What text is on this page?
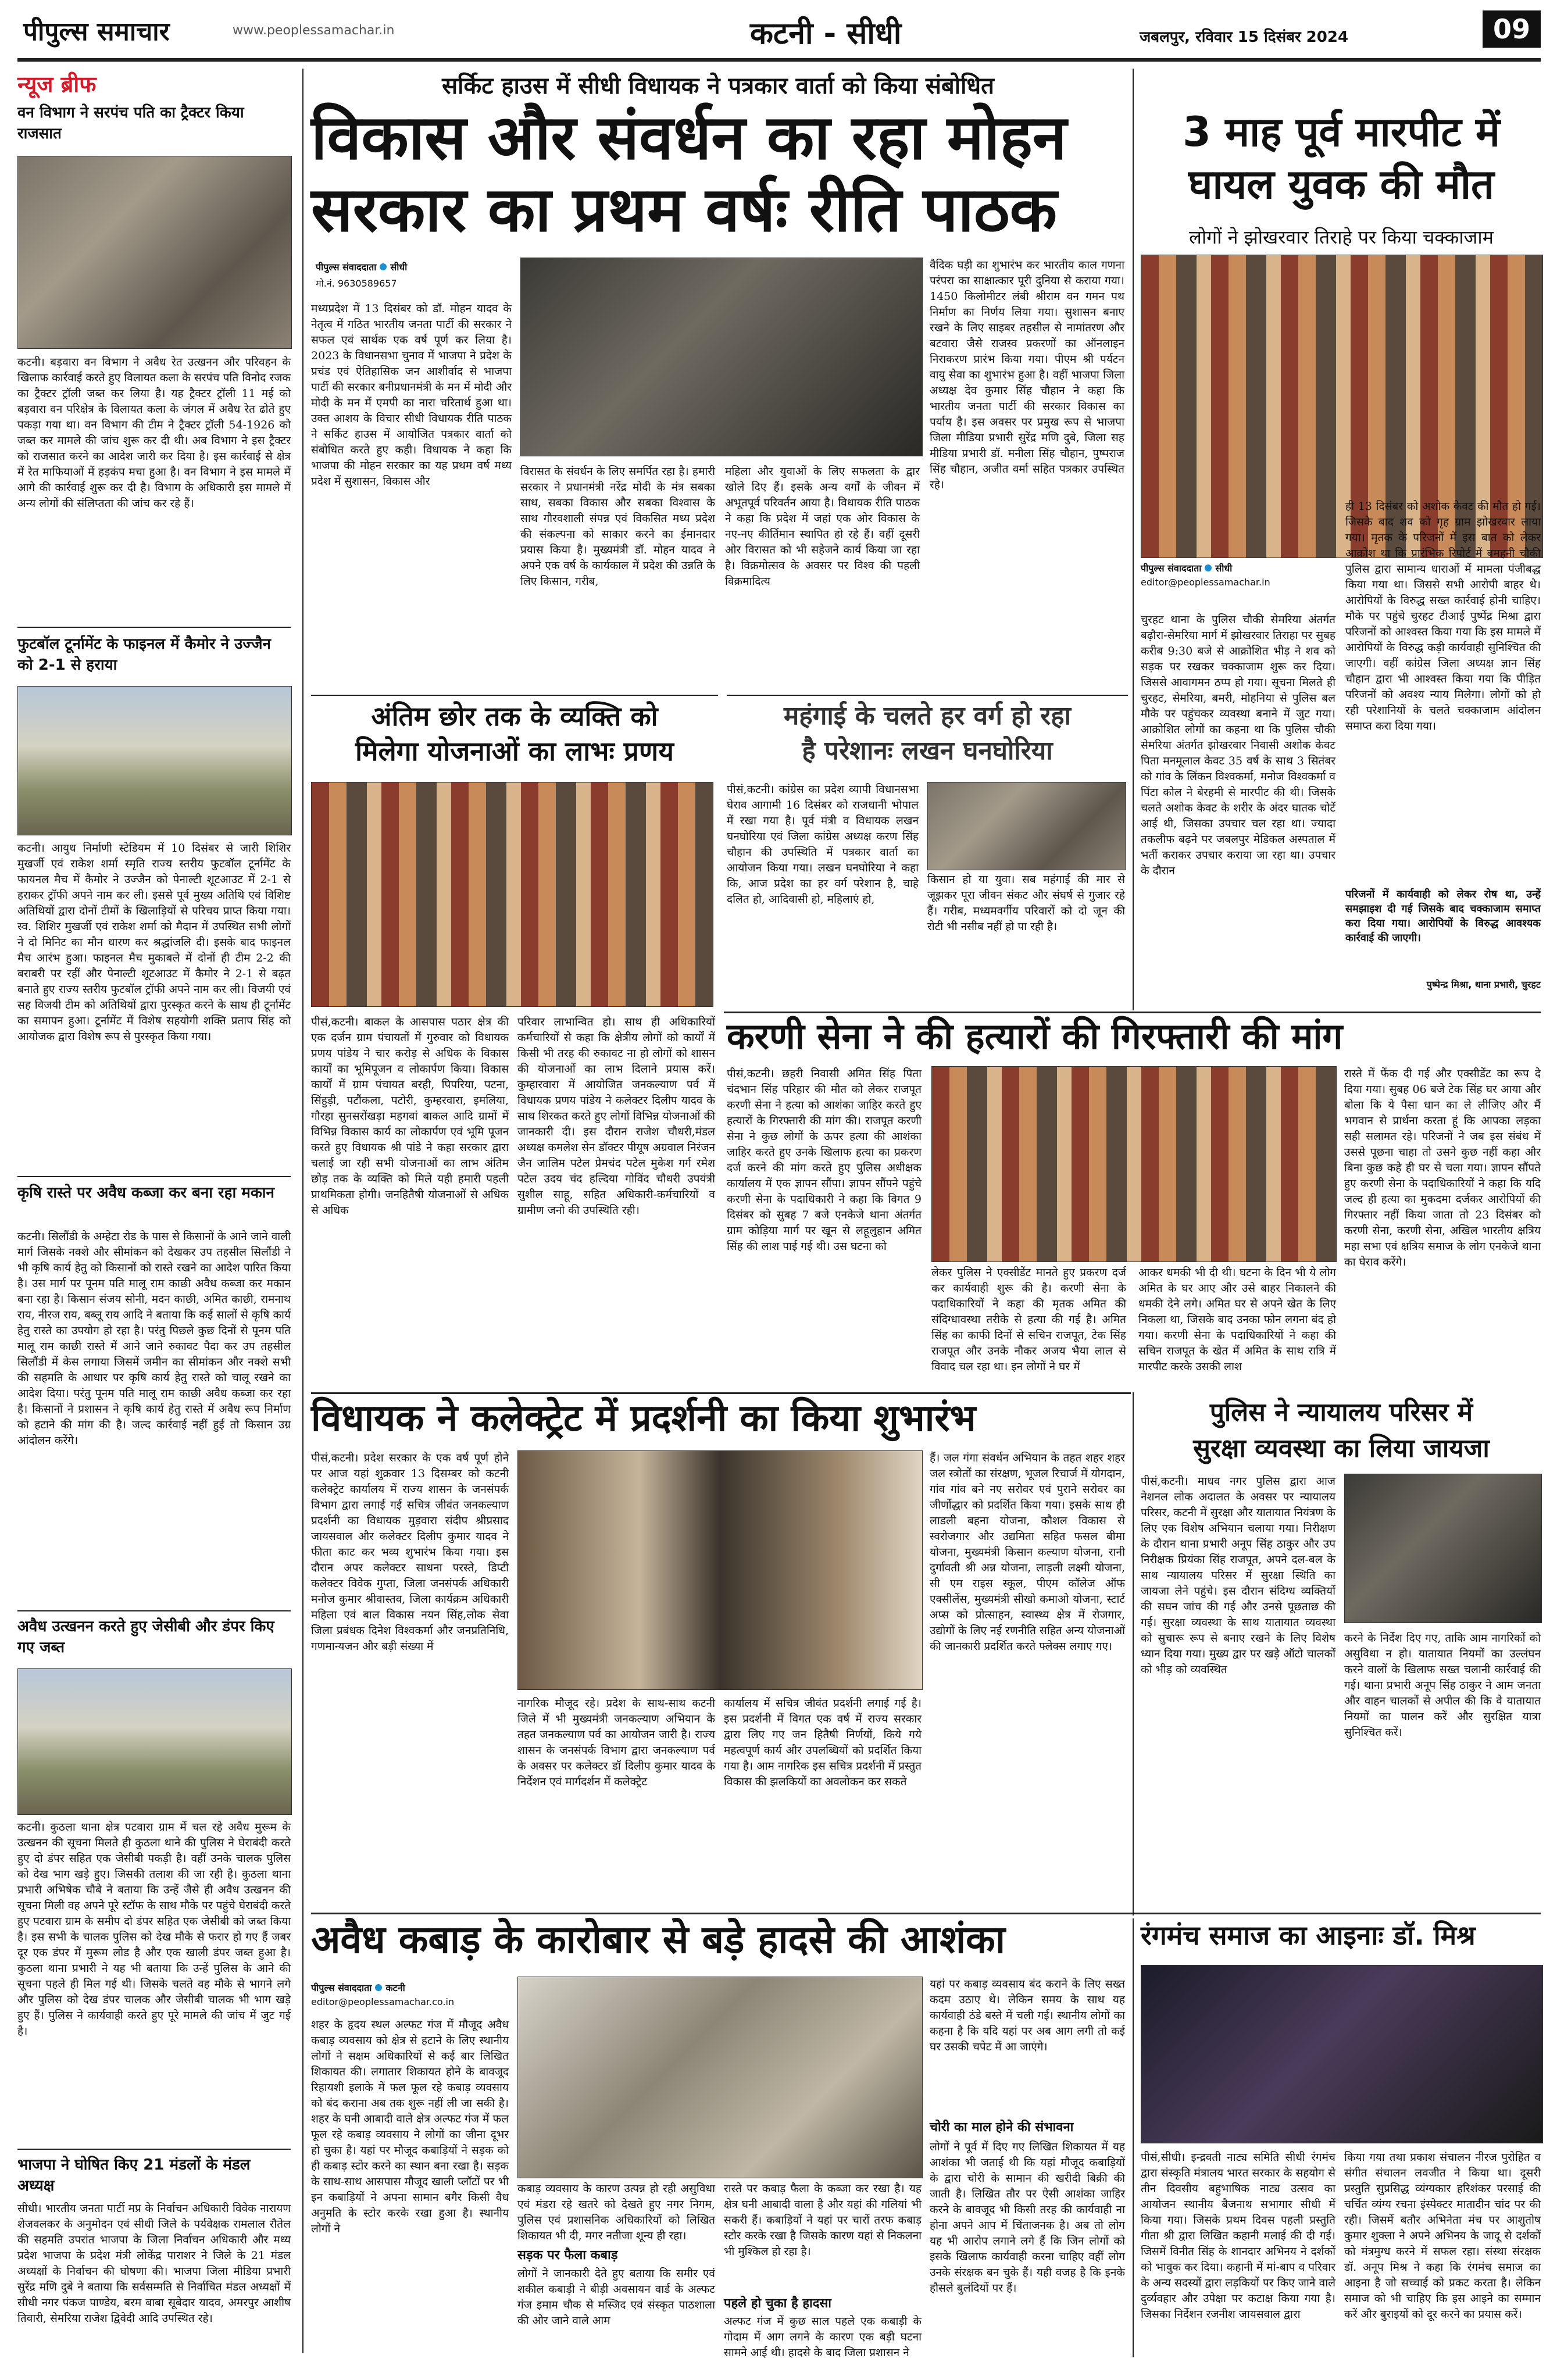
पीपुल्स समाचार	www.peoplessamachar.in	कटनी - सीधी	जबलपुर, रविवार 15 दिसंबर 2024	09
न्यूज ब्रीफ
वन विभाग ने सरपंच पति का ट्रैक्टर किया राजसात
कटनी। बड़वारा वन विभाग ने अवैध रेत उत्खनन और परिवहन के खिलाफ कार्रवाई करते हुए विलायत कला के सरपंच पति विनोद रजक का ट्रैक्टर ट्रॉली जब्त कर लिया है। यह ट्रैक्टर ट्रॉली 11 मई को बड़वारा वन परिक्षेत्र के विलायत कला के जंगल में अवैध रेत ढोते हुए पकड़ा गया था। वन विभाग की टीम ने ट्रैक्टर ट्रॉली 54-1926 को जब्त कर मामले की जांच शुरू कर दी थी। अब विभाग ने इस ट्रैक्टर को राजसात करने का आदेश जारी कर दिया है। इस कार्रवाई से क्षेत्र में रेत माफियाओं में हड़कंप मचा हुआ है। वन विभाग ने इस मामले में आगे की कार्रवाई शुरू कर दी है। विभाग के अधिकारी इस मामले में अन्य लोगों की संलिप्तता की जांच कर रहे हैं।
फुटबॉल टूर्नामेंट के फाइनल में कैमोर ने उज्जैन को 2-1 से हराया
कटनी। आयुध निर्माणी स्टेडियम में 10 दिसंबर से जारी शिशिर मुखर्जी एवं राकेश शर्मा स्मृति राज्य स्तरीय फुटबॉल टूर्नामेंट के फायनल मैच में कैमोर ने उज्जैन को पेनाल्टी शूटआउट में 2-1 से हराकर ट्रॉफी अपने नाम कर ली। इससे पूर्व मुख्य अतिथि एवं विशिष्ट अतिथियों द्वारा दोनों टीमों के खिलाड़ियों से परिचय प्राप्त किया गया। स्व. शिशिर मुखर्जी एवं राकेश शर्मा को मैदान में उपस्थित सभी लोगों ने दो मिनिट का मौन धारण कर श्रद्धांजलि दी। इसके बाद फाइनल मैच आरंभ हुआ। फाइनल मैच मुकाबले में दोनों ही टीम 2-2 की बराबरी पर रहीं और पेनाल्टी शूटआउट में कैमोर ने 2-1 से बढ़त बनाते हुए राज्य स्तरीय फुटबॉल ट्रॉफी अपने नाम कर ली। विजयी एवं सह विजयी टीम को अतिथियों द्वारा पुरस्कृत करने के साथ ही टूर्नामेंट का समापन हुआ। टूर्नामेंट में विशेष सहयोगी शक्ति प्रताप सिंह को आयोजक द्वारा विशेष रूप से पुरस्कृत किया गया।
कृषि रास्ते पर अवैध कब्जा कर बना रहा मकान
कटनी। सिलौंडी के अम्हेटा रोड के पास से किसानों के आने जाने वाली मार्ग जिसके नक्शे और सीमांकन को देखकर उप तहसील सिलौंडी ने भी कृषि कार्य हेतु को किसानों को रास्ते रखने का आदेश पारित किया है। उस मार्ग पर पूनम पति मालू राम काछी अवैध कब्जा कर मकान बना रहा है। किसान संजय सोनी, मदन काछी, अमित काछी, रामनाथ राय, नीरज राय, बब्लू राय आदि ने बताया कि कई सालों से कृषि कार्य हेतु रास्ते का उपयोग हो रहा है। परंतु पिछले कुछ दिनों से पूनम पति मालू राम काछी रास्ते में आने जाने रुकावट पैदा कर उप तहसील सिलौंडी में केस लगाया जिसमें जमीन का सीमांकन और नक्शे सभी की सहमति के आधार पर कृषि कार्य हेतु रास्ते को चालू रखने का आदेश दिया। परंतु पूनम पति मालू राम काछी अवैध कब्जा कर रहा है। किसानों ने प्रशासन ने कृषि कार्य हेतु रास्ते में अवैध रूप निर्माण को हटाने की मांग की है। जल्द कार्रवाई नहीं हुई तो किसान उग्र आंदोलन करेंगे।
अवैध उत्खनन करते हुए जेसीबी और डंपर किए गए जब्त
कटनी। कुठला थाना क्षेत्र पटवारा ग्राम में चल रहे अवैध मुरूम के उत्खनन की सूचना मिलते ही कुठला थाने की पुलिस ने घेराबंदी करते हुए दो डंपर सहित एक जेसीबी पकड़ी है। वहीं उनके चालक पुलिस को देख भाग खड़े हुए। जिसकी तलाश की जा रही है। कुठला थाना प्रभारी अभिषेक चौबे ने बताया कि उन्हें जैसे ही अवैध उत्खनन की सूचना मिली वह अपने पूरे स्टॉफ के साथ मौके पर पहुंचे घेराबंदी करते हुए पटवारा ग्राम के समीप दो डंपर सहित एक जेसीबी को जब्त किया है। इस सभी के चालक पुलिस को देख मौके से फरार हो गए हैं जबर दूर एक डंपर में मुरूम लोड है और एक खाली डंपर जब्त हुआ है। कुठला थाना प्रभारी ने यह भी बताया कि उन्हें पुलिस के आने की सूचना पहले ही मिल गई थी। जिसके चलते वह मौके से भागने लगे और पुलिस को देख डंपर चालक और जेसीबी चालक भी भाग खड़े हुए हैं। पुलिस ने कार्यवाही करते हुए पूरे मामले की जांच में जुट गई है।
भाजपा ने घोषित किए 21 मंडलों के मंडल अध्यक्ष
सीधी। भारतीय जनता पार्टी मप्र के निर्वाचन अधिकारी विवेक नारायण शेजवलकर के अनुमोदन एवं सीधी जिले के पर्यवेक्षक रामलाल रौतेल की सहमति उपरांत भाजपा के जिला निर्वाचन अधिकारी और मध्य प्रदेश भाजपा के प्रदेश मंत्री लोकेंद्र पाराशर ने जिले के 21 मंडल अध्यक्षों के निर्वाचन की घोषणा की। भाजपा जिला मीडिया प्रभारी सुरेंद्र मणि दुबे ने बताया कि सर्वसम्मति से निर्वाचित मंडल अध्यक्षों में सीधी नगर पंकज पाण्डेय, बरम बाबा सूबेदार यादव, अमरपुर आशीष तिवारी, सेमरिया राजेश द्विवेदी आदि उपस्थित रहे।
सर्किट हाउस में सीधी विधायक ने पत्रकार वार्ता को किया संबोधित
विकास और संवर्धन का रहा मोहन
सरकार का प्रथम वर्षः रीति पाठक
पीपुल्स संवाददाता सीधी
मो.नं. 9630589657
मध्यप्रदेश में 13 दिसंबर को डॉ. मोहन यादव के नेतृत्व में गठित भारतीय जनता पार्टी की सरकार ने सफल एवं सार्थक एक वर्ष पूर्ण कर लिया है। 2023 के विधानसभा चुनाव में भाजपा ने प्रदेश के प्रचंड एवं ऐतिहासिक जन आशीर्वाद से भाजपा पार्टी की सरकार बनीप्रधानमंत्री के मन में मोदी और मोदी के मन में एमपी का नारा चरितार्थ हुआ था। उक्त आशय के विचार सीधी विधायक रीति पाठक ने सर्किट हाउस में आयोजित पत्रकार वार्ता को संबोधित करते हुए कही। विधायक ने कहा कि भाजपा की मोहन सरकार का यह प्रथम वर्ष मध्य प्रदेश में सुशासन, विकास और
विरासत के संवर्धन के लिए समर्पित रहा है। हमारी सरकार ने प्रधानमंत्री नरेंद्र मोदी के मंत्र सबका साथ, सबका विकास और सबका विश्वास के साथ गौरवशाली संपन्न एवं विकसित मध्य प्रदेश की संकल्पना को साकार करने का ईमानदार प्रयास किया है। मुख्यमंत्री डॉ. मोहन यादव ने अपने एक वर्ष के कार्यकाल में प्रदेश की उन्नति के लिए किसान, गरीब,
महिला और युवाओं के लिए सफलता के द्वार खोले दिए हैं। इसके अन्य वर्गों के जीवन में अभूतपूर्व परिवर्तन आया है। विधायक रीति पाठक ने कहा कि प्रदेश में जहां एक ओर विकास के नए-नए कीर्तिमान स्थापित हो रहे हैं। वहीं दूसरी ओर विरासत को भी सहेजने कार्य किया जा रहा है। विक्रमोत्सव के अवसर पर विश्व की पहली विक्रमादित्य
वैदिक घड़ी का शुभारंभ कर भारतीय काल गणना परंपरा का साक्षात्कार पूरी दुनिया से कराया गया। 1450 किलोमीटर लंबी श्रीराम वन गमन पथ निर्माण का निर्णय लिया गया। सुशासन बनाए रखने के लिए साइबर तहसील से नामांतरण और बटवारा जैसे राजस्व प्रकरणों का ऑनलाइन निराकरण प्रारंभ किया गया। पीएम श्री पर्यटन वायु सेवा का शुभारंभ हुआ है। वहीं भाजपा जिला अध्यक्ष देव कुमार सिंह चौहान ने कहा कि भारतीय जनता पार्टी की सरकार विकास का पर्याय है। इस अवसर पर प्रमुख रूप से भाजपा जिला मीडिया प्रभारी सुरेंद्र मणि दुबे, जिला सह मीडिया प्रभारी डॉ. मनीला सिंह चौहान, पुष्पराज सिंह चौहान, अजीत वर्मा सहित पत्रकार उपस्थित रहे।
अंतिम छोर तक के व्यक्ति को
मिलेगा योजनाओं का लाभः प्रणय
पीसं,कटनी। बाकल के आसपास पठार क्षेत्र की एक दर्जन ग्राम पंचायतों में गुरुवार को विधायक प्रणय पांडेय ने चार करोड़ से अधिक के विकास कार्यों का भूमिपूजन व लोकार्पण किया। विकास कार्यों में ग्राम पंचायत बरही, पिपरिया, पटना, सिंहुड़ी, पटौंकला, पटोरी, कुम्हरवारा, इमलिया, गौरहा सुनसरोंखड़ा महगवां बाकल आदि ग्रामों में विभिन्न विकास कार्य का लोकार्पण एवं भूमि पूजन करते हुए विधायक श्री पांडे ने कहा सरकार द्वारा चलाई जा रही सभी योजनाओं का लाभ अंतिम छोड़ तक के व्यक्ति को मिले यही हमारी पहली प्राथमिकता होगी। जनहितैषी योजनाओं से अधिक से अधिक
परिवार लाभान्वित हो। साथ ही अधिकारियों कर्मचारियों से कहा कि क्षेत्रीय लोगों को कार्यों में किसी भी तरह की रुकावट ना हो लोगों को शासन की योजनाओं का लाभ दिलाने प्रयास करें। कुम्हारवारा में आयोजित जनकल्याण पर्व में विधायक प्रणय पांडेय ने कलेक्टर दिलीप यादव के साथ शिरकत करते हुए लोगों विभिन्न योजनाओं की जानकारी दी। इस दौरान राजेश चौधरी,मंडल अध्यक्ष कमलेश सेन डॉक्टर पीयूष अग्रवाल निरंजन जैन जालिम पटेल प्रेमचंद पटेल मुकेश गर्ग रमेश पटेल उदय चंद हल्दिया गोविंद चौधरी उपयंत्री सुशील साहू, सहित अधिकारी-कर्मचारियों व ग्रामीण जनो की उपस्थिति रही।
महंगाई के चलते हर वर्ग हो रहा
है परेशानः लखन घनघोरिया
पीसं,कटनी। कांग्रेस का प्रदेश व्यापी विधानसभा घेराव आगामी 16 दिसंबर को राजधानी भोपाल में रखा गया है। पूर्व मंत्री व विधायक लखन घनघोरिया एवं जिला कांग्रेस अध्यक्ष करण सिंह चौहान की उपस्थिति में पत्रकार वार्ता का आयोजन किया गया। लखन घनघोरिया ने कहा कि, आज प्रदेश का हर वर्ग परेशान है, चाहे दलित हो, आदिवासी हो, महिलाएं हो,
किसान हो या युवा। सब महंगाई की मार से जूझकर पूरा जीवन संकट और संघर्ष से गुजार रहे हैं। गरीब, मध्यमवर्गीय परिवारों को दो जून की रोटी भी नसीब नहीं हो पा रही है।
3 माह पूर्व मारपीट में
घायल युवक की मौत
लोगों ने झोखरवार तिराहे पर किया चक्काजाम
पीपुल्स संवाददाता सीधी
editor@peoplessamachar.in
चुरहट थाना के पुलिस चौकी सेमरिया अंतर्गत बढ़ौरा-सेमरिया मार्ग में झोखरवार तिराहा पर सुबह करीब 9:30 बजे से आक्रोशित भीड़ ने शव को सड़क पर रखकर चक्काजाम शुरू कर दिया। जिससे आवागमन ठप्प हो गया। सूचना मिलते ही चुरहट, सेमरिया, बमरी, मोहनिया से पुलिस बल मौके पर पहुंचकर व्यवस्था बनाने में जुट गया। आक्रोशित लोगों का कहना था कि पुलिस चौकी सेमरिया अंतर्गत झोखरवार निवासी अशोक केवट पिता मनमूलाल केवट 35 वर्ष के साथ 3 सितंबर को गांव के लिंकन विश्वकर्मा, मनोज विश्वकर्मा व पिंटा कोल ने बेरहमी से मारपीट की थी। जिसके चलते अशोक केवट के शरीर के अंदर घातक चोटें आई थी, जिसका उपचार चल रहा था। ज्यादा तकलीफ बढ़ने पर जबलपुर मेडिकल अस्पताल में भर्ती कराकर उपचार कराया जा रहा था। उपचार के दौरान
ही 13 दिसंबर को अशोक केवट की मौत हो गई। जिसके बाद शव को गृह ग्राम झोखरवार लाया गया। मृतक के परिजनों में इस बात को लेकर आक्रोश था कि प्रारंभिक रिपोर्ट में बमहनी चौकी पुलिस द्वारा सामान्य धाराओं में मामला पंजीबद्ध किया गया था। जिससे सभी आरोपी बाहर थे। आरोपियों के विरुद्ध सख्त कार्रवाई होनी चाहिए। मौके पर पहुंचे चुरहट टीआई पुष्पेंद्र मिश्रा द्वारा परिजनों को आश्वस्त किया गया कि इस मामले में आरोपियों के विरुद्ध कड़ी कार्यवाही सुनिश्चित की जाएगी। वहीं कांग्रेस जिला अध्यक्ष ज्ञान सिंह चौहान द्वारा भी आश्वस्त किया गया कि पीड़ित परिजनों को अवश्य न्याय मिलेगा। लोगों को हो रही परेशानियों के चलते चक्काजाम आंदोलन समाप्त करा दिया गया।
परिजनों में कार्यवाही को लेकर रोष था, उन्हें समझाइश दी गई जिसके बाद चक्काजाम समाप्त करा दिया गया। आरोपियों के विरुद्ध आवश्यक कार्रवाई की जाएगी।
पुष्पेन्द्र मिश्रा, थाना प्रभारी, चुरहट
करणी सेना ने की हत्यारों की गिरफ्तारी की मांग
पीसं,कटनी। छहरी निवासी अमित सिंह पिता चंदभान सिंह परिहार की मौत को लेकर राजपूत करणी सेना ने हत्या को आशंका जाहिर करते हुए हत्यारों के गिरफ्तारी की मांग की। राजपूत करणी सेना ने कुछ लोगों के ऊपर हत्या की आशंका जाहिर करते हुए उनके खिलाफ हत्या का प्रकरण दर्ज करने की मांग करते हुए पुलिस अधीक्षक कार्यालय में एक ज्ञापन सौंपा। ज्ञापन सौंपने पहुंचे करणी सेना के पदाधिकारी ने कहा कि विगत 9 दिसंबर को सुबह 7 बजे एनकेजे थाना अंतर्गत ग्राम कोड़िया मार्ग पर खून से लहूलुहान अमित सिंह की लाश पाई गई थी। उस घटना को
लेकर पुलिस ने एक्सीडेंट मानते हुए प्रकरण दर्ज कर कार्यवाही शुरू की है। करणी सेना के पदाधिकारियों ने कहा की मृतक अमित की संदिग्धावस्था तरीके से हत्या की गई है। अमित सिंह का काफी दिनों से सचिन राजपूत, टेक सिंह राजपूत और उनके नौकर अजय भैया लाल से विवाद चल रहा था। इन लोगों ने घर में
आकर धमकी भी दी थी। घटना के दिन भी ये लोग अमित के घर आए और उसे बाहर निकालने की धमकी देने लगे। अमित घर से अपने खेत के लिए निकला था, जिसके बाद उनका फोन लगना बंद हो गया। करणी सेना के पदाधिकारियों ने कहा की सचिन राजपूत के खेत में अमित के साथ रात्रि में मारपीट करके उसकी लाश
रास्ते में फेंक दी गई और एक्सीडेंट का रूप दे दिया गया। सुबह 06 बजे टेक सिंह घर आया और बोला कि ये पैसा धान का ले लीजिए और मैं भगवान से प्रार्थना करता हूं कि आपका लड़का सही सलामत रहे। परिजनों ने जब इस संबंध में उससे पूछना चाहा तो उसने कुछ नहीं कहा और बिना कुछ कहे ही घर से चला गया। ज्ञापन सौंपते हुए करणी सेना के पदाधिकारियों ने कहा कि यदि जल्द ही हत्या का मुकदमा दर्जकर आरोपियों की गिरफ्तार नहीं किया जाता तो 23 दिसंबर को करणी सेना, करणी सेना, अखिल भारतीय क्षत्रिय महा सभा एवं क्षत्रिय समाज के लोग एनकेजे थाना का घेराव करेंगे।
विधायक ने कलेक्ट्रेट में प्रदर्शनी का किया शुभारंभ
पीसं,कटनी। प्रदेश सरकार के एक वर्ष पूर्ण होने पर आज यहां शुक्रवार 13 दिसम्बर को कटनी कलेक्ट्रेट कार्यालय में राज्य शासन के जनसंपर्क विभाग द्वारा लगाई गई सचित्र जीवंत जनकल्याण प्रदर्शनी का विधायक मुड़वारा संदीप श्रीप्रसाद जायसवाल और कलेक्टर दिलीप कुमार यादव ने फीता काट कर भव्य शुभारंभ किया गया। इस दौरान अपर कलेक्टर साधना परस्ते, डिप्टी कलेक्टर विवेक गुप्ता, जिला जनसंपर्क अधिकारी मनोज कुमार श्रीवास्तव, जिला कार्यक्रम अधिकारी महिला एवं बाल विकास नयन सिंह,लोक सेवा जिला प्रबंधक दिनेश विश्वकर्मा और जनप्रतिनिधि, गणमान्यजन और बड़ी संख्या में
नागरिक मौजूद रहे। प्रदेश के साथ-साथ कटनी जिले में भी मुख्यमंत्री जनकल्याण अभियान के तहत जनकल्याण पर्व का आयोजन जारी है। राज्य शासन के जनसंपर्क विभाग द्वारा जनकल्याण पर्व के अवसर पर कलेक्टर डॉ दिलीप कुमार यादव के निर्देशन एवं मार्गदर्शन में कलेक्ट्रेट
कार्यालय में सचित्र जीवंत प्रदर्शनी लगाई गई है।इस प्रदर्शनी में विगत एक वर्ष में राज्य सरकार द्वारा लिए गए जन हितैषी निर्णयों, किये गये महत्वपूर्ण कार्य और उपलब्धियों को प्रदर्शित किया गया है। आम नागरिक इस सचित्र प्रदर्शनी में प्रस्तुत विकास की झलकियों का अवलोकन कर सकते
हैं। जल गंगा संवर्धन अभियान के तहत शहर शहर जल स्त्रोतों का संरक्षण, भूजल रिचार्ज में योगदान, गांव गांव बने नए सरोवर एवं पुराने सरोवर का जीर्णोद्धार को प्रदर्शित किया गया। इसके साथ ही लाडली बहना योजना, कौशल विकास से स्वरोजगार और उद्यमिता सहित फसल बीमा योजना, मुख्यमंत्री किसान कल्याण योजना, रानी दुर्गावती श्री अन्न योजना, लाड़ली लक्ष्मी योजना, सी एम राइस स्कूल, पीएम कॉलेज ऑफ एक्सीलेंस, मुख्यमंत्री सीखो कमाओ योजना, स्टार्ट अप्स को प्रोत्साहन, स्वास्थ्य क्षेत्र में रोजगार, उद्योगों के लिए नई रणनीति सहित अन्य योजनाओं की जानकारी प्रदर्शित करते फ्लेक्स लगाए गए।
पुलिस ने न्यायालय परिसर में
सुरक्षा व्यवस्था का लिया जायजा
पीसं,कटनी। माधव नगर पुलिस द्वारा आज नेशनल लोक अदालत के अवसर पर न्यायालय परिसर, कटनी में सुरक्षा और यातायात नियंत्रण के लिए एक विशेष अभियान चलाया गया। निरीक्षण के दौरान थाना प्रभारी अनूप सिंह ठाकुर और उप निरीक्षक प्रियंका सिंह राजपूत, अपने दल-बल के साथ न्यायालय परिसर में सुरक्षा स्थिति का जायजा लेने पहुंचे। इस दौरान संदिग्ध व्यक्तियों की सघन जांच की गई और उनसे पूछताछ की गई। सुरक्षा व्यवस्था के साथ यातायात व्यवस्था को सुचारू रूप से बनाए रखने के लिए विशेष ध्यान दिया गया। मुख्य द्वार पर खड़े ऑटो चालकों को भीड़ को व्यवस्थित
करने के निर्देश दिए गए, ताकि आम नागरिकों को असुविधा न हो। यातायात नियमों का उल्लंघन करने वालों के खिलाफ सख्त चलानी कार्रवाई की गई। थाना प्रभारी अनूप सिंह ठाकुर ने आम जनता और वाहन चालकों से अपील की कि वे यातायात नियमों का पालन करें और सुरक्षित यात्रा सुनिश्चित करें।
अवैध कबाड़ के कारोबार से बड़े हादसे की आशंका
पीपुल्स संवाददाता कटनी
editor@peoplessamachar.co.in
शहर के हृदय स्थल अल्फट गंज में मौजूद अवैध कबाड़ व्यवसाय को क्षेत्र से हटाने के लिए स्थानीय लोगों ने सक्षम अधिकारियों से कई बार लिखित शिकायत की। लगातार शिकायत होने के बावजूद रिहायशी इलाके में फल फूल रहे कबाड़ व्यवसाय को बंद कराना अब तक शुरू नहीं ली जा सकी है। शहर के घनी आबादी वाले क्षेत्र अल्फट गंज में फल फूल रहे कबाड़ व्यवसाय ने लोगों का जीना दूभर हो चुका है। यहां पर मौजूद कबाड़ियों ने सड़क को ही कबाड़ स्टोर करने का स्थान बना रखा है। सड़क के साथ-साथ आसपास मौजूद खाली प्लॉटों पर भी इन कबाड़ियों ने अपना सामान बगैर किसी वैध अनुमति के स्टोर करके रखा हुआ है। स्थानीय लोगों ने
कबाड़ व्यवसाय के कारण उत्पन्न हो रही असुविधा एवं मंडरा रहे खतरे को देखते हुए नगर निगम, पुलिस एवं प्रशासनिक अधिकारियों को लिखित शिकायत भी दी, मगर नतीजा शून्य ही रहा।
सड़क पर फैला कबाड़
लोगों ने जानकारी देते हुए बताया कि समीर एवं शकील कबाड़ी ने बीड़ी अवसायन वार्ड के अल्फट गंज इमाम चौक से मस्जिद एवं संस्कृत पाठशाला की ओर जाने वाले आम
रास्ते पर कबाड़ फैला के कब्जा कर रखा है। यह क्षेत्र घनी आबादी वाला है और यहां की गलियां भी सकरी हैं। कबाड़ियों ने यहां पर चारों तरफ कबाड़ स्टोर करके रखा है जिसके कारण यहां से निकलना भी मुश्किल हो रहा है।
पहले हो चुका है हादसा
अल्फट गंज में कुछ साल पहले एक कबाड़ी के गोदाम में आग लगने के कारण एक बड़ी घटना सामने आई थी। हादसे के बाद जिला प्रशासन ने
यहां पर कबाड़ व्यवसाय बंद कराने के लिए सख्त कदम उठाए थे। लेकिन समय के साथ यह कार्यवाही ठंडे बस्ते में चली गई। स्थानीय लोगों का कहना है कि यदि यहां पर अब आग लगी तो कई घर उसकी चपेट में आ जाएंगे।
चोरी का माल होने की संभावना
लोगों ने पूर्व में दिए गए लिखित शिकायत में यह आशंका भी जताई थी कि यहां मौजूद कबाड़ियों के द्वारा चोरी के सामान की खरीदी बिक्री की जाती है। लिखित तौर पर ऐसी आशंका जाहिर करने के बावजूद भी किसी तरह की कार्यवाही ना होना अपने आप में चिंताजनक है। अब तो लोग यह भी आरोप लगाने लगे हैं कि जिन लोगों को इसके खिलाफ कार्यवाही करना चाहिए वहीं लोग उनके संरक्षक बन चुके हैं। यही वजह है कि इनके हौसले बुलंदियों पर हैं।
रंगमंच समाज का आइनाः डॉ. मिश्र
पीसं,सीधी। इन्द्रवती नाट्य समिति सीधी रंगमंच द्वारा संस्कृति मंत्रालय भारत सरकार के सहयोग से तीन दिवसीय बहुभाषिक नाट्य उत्सव का आयोजन स्थानीय बैजनाथ सभागार सीधी में किया गया। जिसके प्रथम दिवस पहली प्रस्तुति गीता श्री द्वारा लिखित कहानी मलाई की दी गई। जिसमें विनीत सिंह के शानदार अभिनय ने दर्शकों को भावुक कर दिया। कहानी में मां-बाप व परिवार के अन्य सदस्यों द्वारा लड़कियों पर किए जाने वाले दुर्व्यवहार और उपेक्षा पर कटाक्ष किया गया है। जिसका निर्देशन रजनीश जायसवाल द्वारा
किया गया तथा प्रकाश संचालन नीरज पुरोहित व संगीत संचालन लवजीत ने किया था। दूसरी प्रस्तुति सुप्रसिद्ध व्यंग्यकार हरिशंकर परसाई की चर्चित व्यंग्य रचना इंस्पेक्टर मातादीन चांद पर की रही। जिसमें बतौर अभिनेता मंच पर आशुतोष कुमार शुक्ला ने अपने अभिनय के जादू से दर्शकों को मंत्रमुग्ध करने में सफल रहा। संस्था संरक्षक डॉ. अनूप मिश्र ने कहा कि रंगमंच समाज का आइना है जो सच्चाई को प्रकट करता है। लेकिन समाज को भी चाहिए कि इस आइने का सम्मान करें और बुराइयों को दूर करने का प्रयास करें।
